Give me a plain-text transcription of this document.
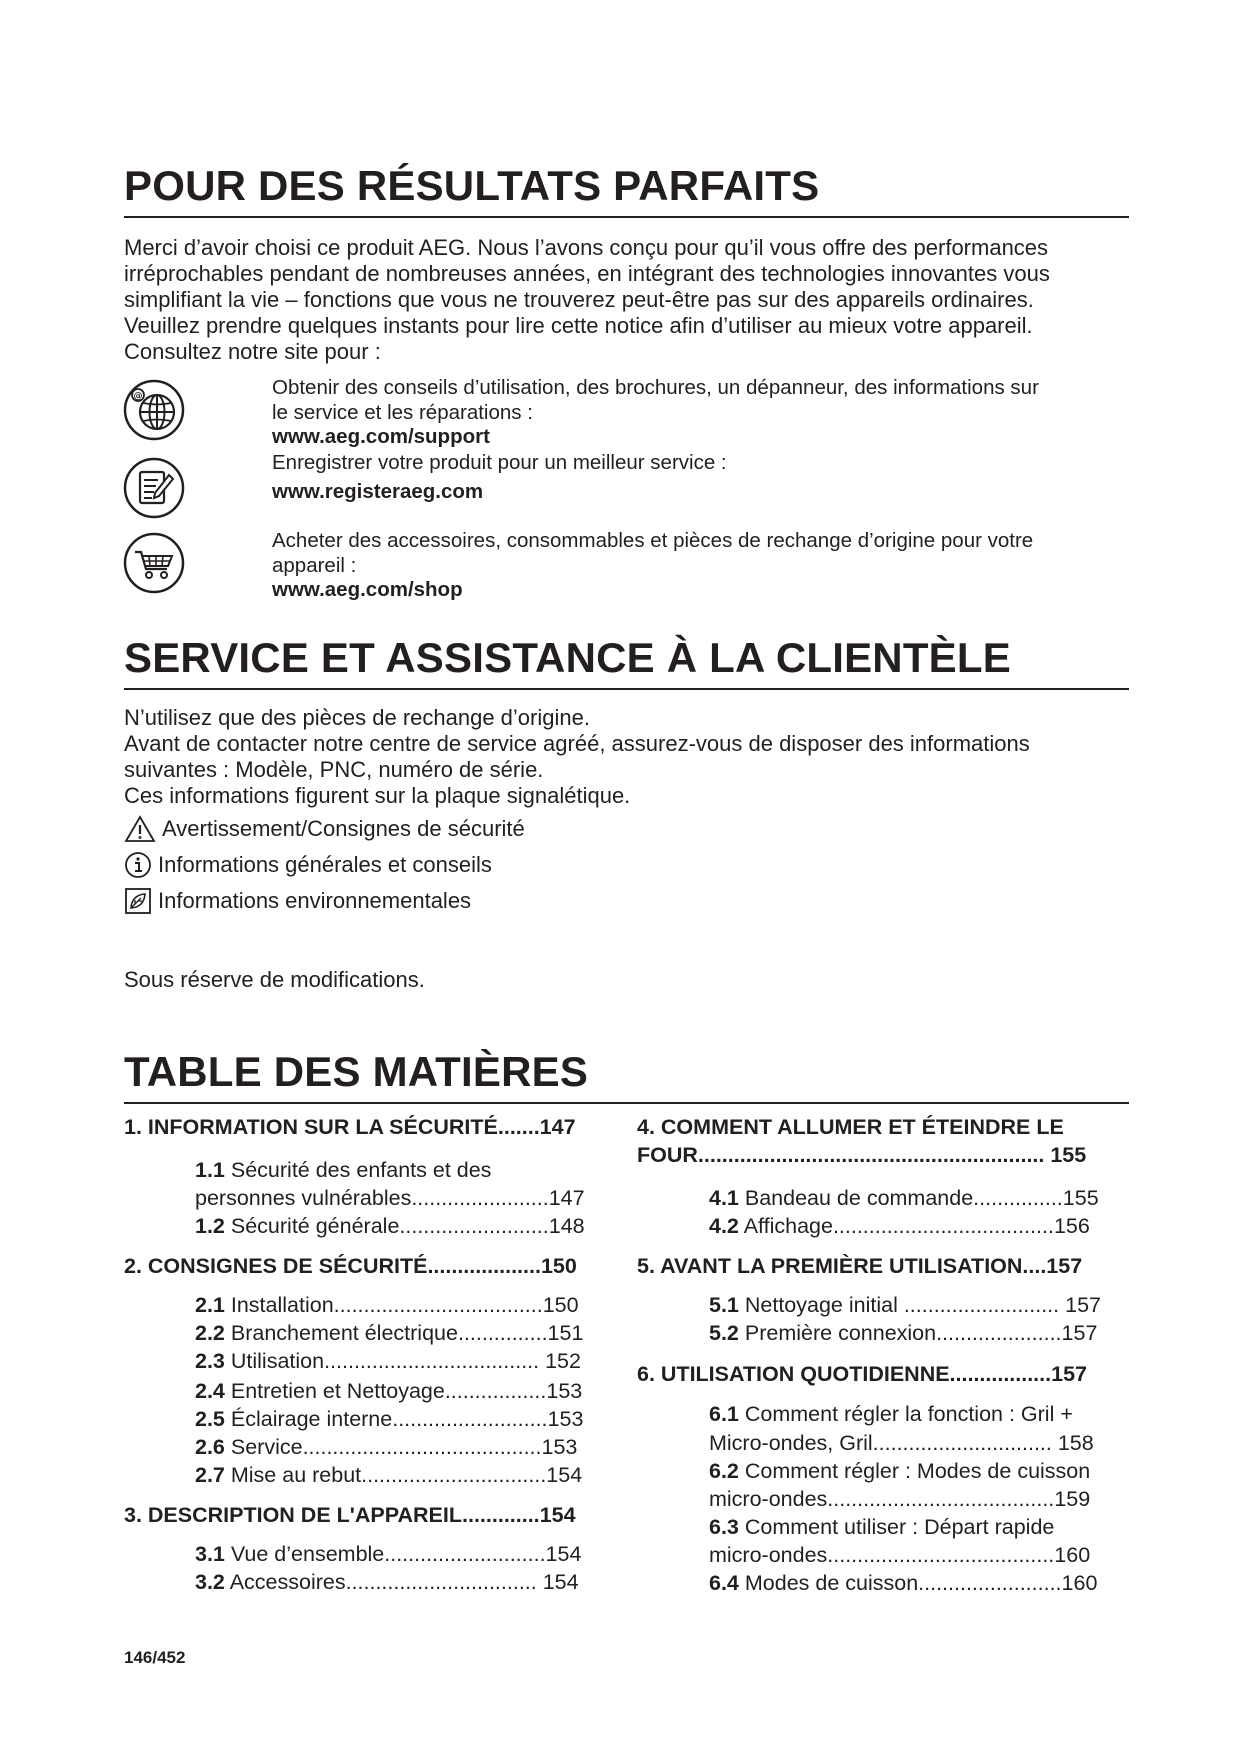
POUR DES RÉSULTATS PARFAITS
Merci d’avoir choisi ce produit AEG. Nous l’avons conçu pour qu’il vous offre des performances
irréprochables pendant de nombreuses années, en intégrant des technologies innovantes vous
simplifiant la vie – fonctions que vous ne trouverez peut-être pas sur des appareils ordinaires.
Veuillez prendre quelques instants pour lire cette notice afin d’utiliser au mieux votre appareil.
Consultez notre site pour :
@	Obtenir des conseils d’utilisation, des brochures, un dépanneur, des informations sur
le service et les réparations :
www.aeg.com/support
Enregistrer votre produit pour un meilleur service :
www.registeraeg.com
Acheter des accessoires, consommables et pièces de rechange d’origine pour votre
appareil :
www.aeg.com/shop
SERVICE ET ASSISTANCE À LA CLIENTÈLE
N’utilisez que des pièces de rechange d’origine.
Avant de contacter notre centre de service agréé, assurez-vous de disposer des informations
suivantes : Modèle, PNC, numéro de série.
Ces informations figurent sur la plaque signalétique.
Avertissement/Consignes de sécurité
Informations générales et conseils
Informations environnementales
Sous réserve de modifications.
TABLE DES MATIÈRES
1. INFORMATION SUR LA SÉCURITÉ.......147
1.1 Sécurité des enfants et des
personnes vulnérables.......................147
1.2 Sécurité générale.........................148
2. CONSIGNES DE SÉCURITÉ...................150
2.1 Installation...................................150
2.2 Branchement électrique...............151
2.3 Utilisation.................................... 152
2.4 Entretien et Nettoyage.................153
2.5 Éclairage interne..........................153
2.6 Service........................................153
2.7 Mise au rebut...............................154
3. DESCRIPTION DE L'APPAREIL.............154
3.1 Vue d’ensemble...........................154
3.2 Accessoires................................ 154
4. COMMENT ALLUMER ET ÉTEINDRE LE
FOUR.......................................................... 155
4.1 Bandeau de commande...............155
4.2 Affichage.....................................156
5. AVANT LA PREMIÈRE UTILISATION....157
5.1 Nettoyage initial .......................... 157
5.2 Première connexion.....................157
6. UTILISATION QUOTIDIENNE.................157
6.1 Comment régler la fonction : Gril +
Micro-ondes, Gril.............................. 158
6.2 Comment régler : Modes de cuisson
micro-ondes......................................159
6.3 Comment utiliser : Départ rapide
micro-ondes......................................160
6.4 Modes de cuisson........................160
146/452
